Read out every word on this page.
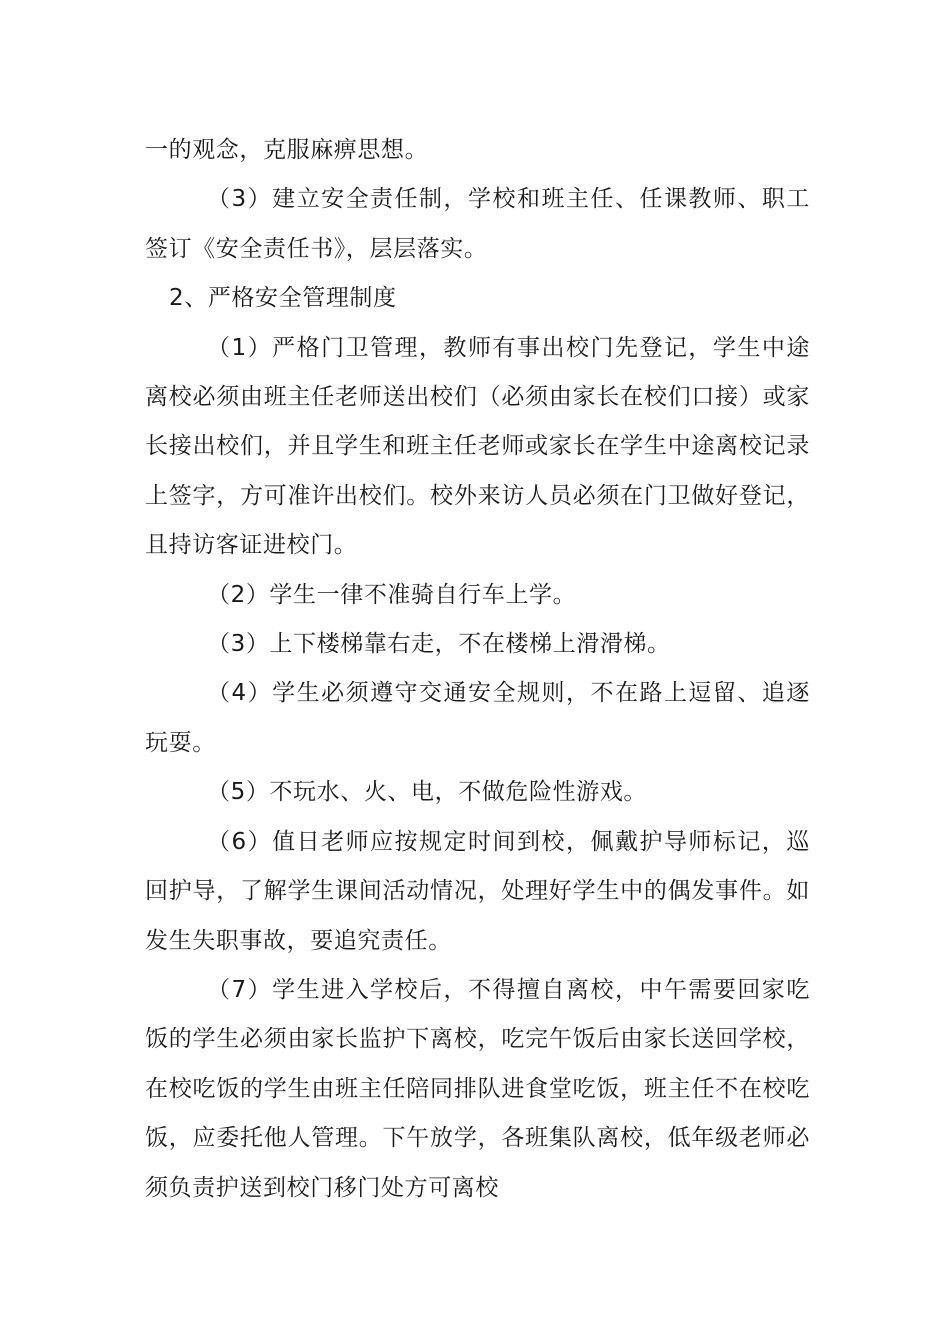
一的观念，克服麻痹思想。

（3）建立安全责任制，学校和班主任、任课教师、职工签订《安全责任书》，层层落实。

2、严格安全管理制度

（1）严格门卫管理，教师有事出校门先登记，学生中途离校必须由班主任老师送出校们（必须由家长在校们口接）或家长接出校们，并且学生和班主任老师或家长在学生中途离校记录上签字，方可准许出校们。校外来访人员必须在门卫做好登记，且持访客证进校门。

（2）学生一律不准骑自行车上学。

（3）上下楼梯靠右走，不在楼梯上滑滑梯。

（4）学生必须遵守交通安全规则，不在路上逗留、追逐玩耍。

（5）不玩水、火、电，不做危险性游戏。

（6）值日老师应按规定时间到校，佩戴护导师标记，巡回护导，了解学生课间活动情况，处理好学生中的偶发事件。如发生失职事故，要追究责任。

（7）学生进入学校后，不得擅自离校，中午需要回家吃饭的学生必须由家长监护下离校，吃完午饭后由家长送回学校，在校吃饭的学生由班主任陪同排队进食堂吃饭，班主任不在校吃饭，应委托他人管理。下午放学，各班集队离校，低年级老师必须负责护送到校门移门处方可离校
